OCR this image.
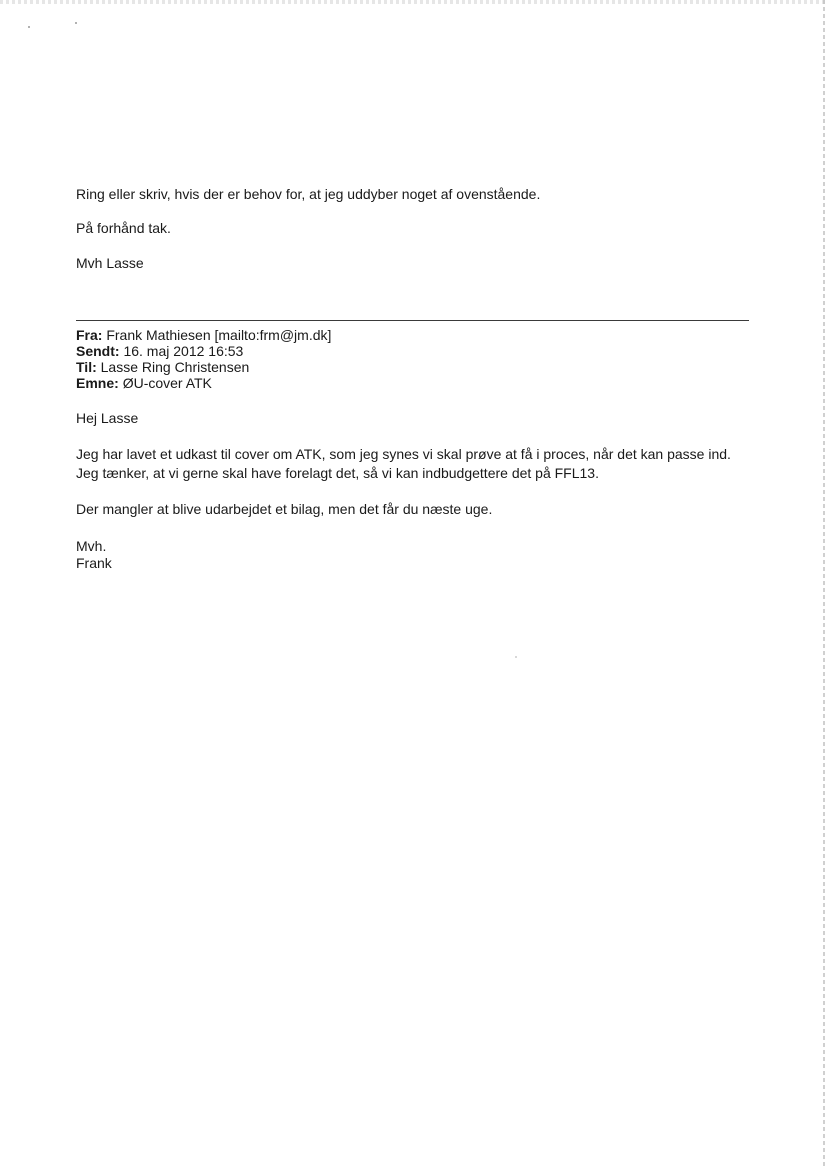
Ring eller skriv, hvis der er behov for, at jeg uddyber noget af ovenstående.
På forhånd tak.
Mvh Lasse
Fra: Frank Mathiesen [mailto:frm@jm.dk]
Sendt: 16. maj 2012 16:53
Til: Lasse Ring Christensen
Emne: ØU-cover ATK
Hej Lasse
Jeg har lavet et udkast til cover om ATK, som jeg synes vi skal prøve at få i proces, når det kan passe ind. Jeg tænker, at vi gerne skal have forelagt det, så vi kan indbudgettere det på FFL13.
Der mangler at blive udarbejdet et bilag, men det får du næste uge.
Mvh.
Frank
